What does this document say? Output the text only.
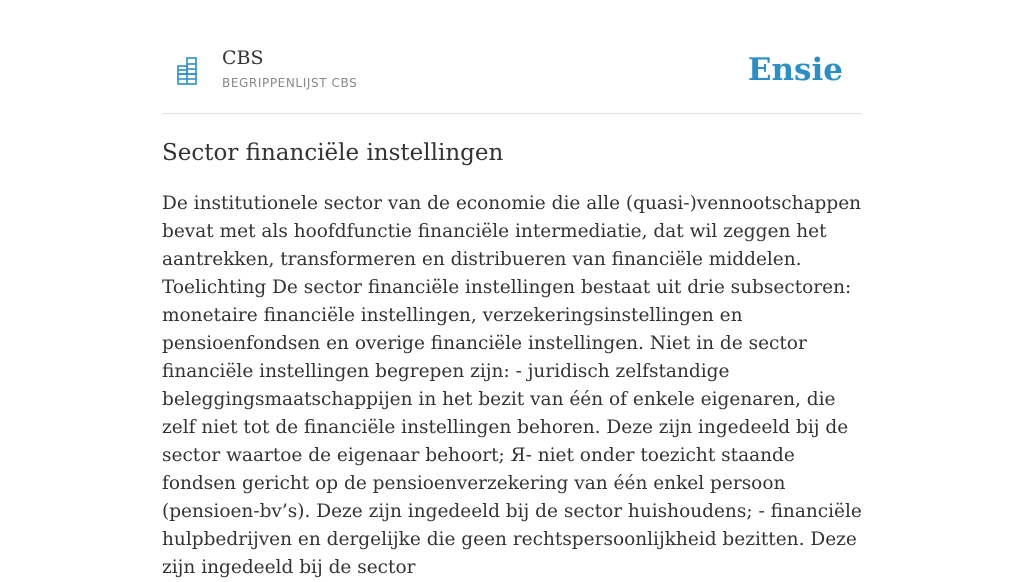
CBS
BEGRIPPENLIJST CBS	Ensie
Sector financiële instellingen

De institutionele sector van de economie die alle (quasi-)vennootschappen bevat met als hoofdfunctie financiële intermediatie, dat wil zeggen het aantrekken, transformeren en distribueren van financiële middelen. Toelichting De sector financiële instellingen bestaat uit drie subsectoren: monetaire financiële instellingen, verzekeringsinstellingen en pensioenfondsen en overige financiële instellingen. Niet in de sector financiële instellingen begrepen zijn: - juridisch zelfstandige beleggingsmaatschappijen in het bezit van één of enkele eigenaren, die zelf niet tot de financiële instellingen behoren. Deze zijn ingedeeld bij de sector waartoe de eigenaar behoort; Я- niet onder toezicht staande fondsen gericht op de pensioenverzekering van één enkel persoon (pensioen-bv’s). Deze zijn ingedeeld bij de sector huishoudens; - financiële hulpbedrijven en dergelijke die geen rechtspersoonlijkheid bezitten. Deze zijn ingedeeld bij de sector
